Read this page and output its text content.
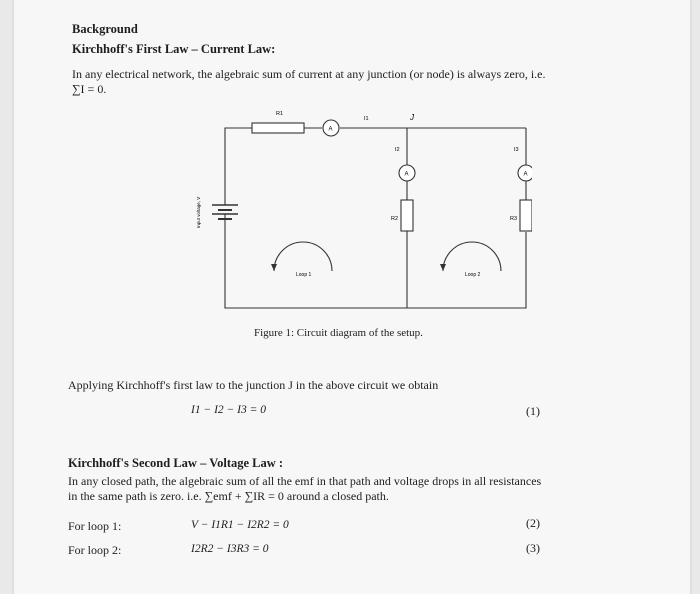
Background
Kirchhoff's First Law – Current Law:
In any electrical network, the algebraic sum of current at any junction (or node) is always zero, i.e.
∑I = 0.
R1
I1	J
I2	I3
R2	R3
A
A	A
Input voltage, V
Loop 1	Loop 2
Figure 1: Circuit diagram of the setup.
Applying Kirchhoff's first law to the junction J in the above circuit we obtain
I1 − I2 − I3 = 0	(1)
Kirchhoff's Second Law – Voltage Law :
In any closed path, the algebraic sum of all the emf in that path and voltage drops in all resistances
in the same path is zero. i.e. ∑emf + ∑IR = 0 around a closed path.
For loop 1:	V − I1R1 − I2R2 = 0	(2)
For loop 2:	I2R2 − I3R3 = 0	(3)
